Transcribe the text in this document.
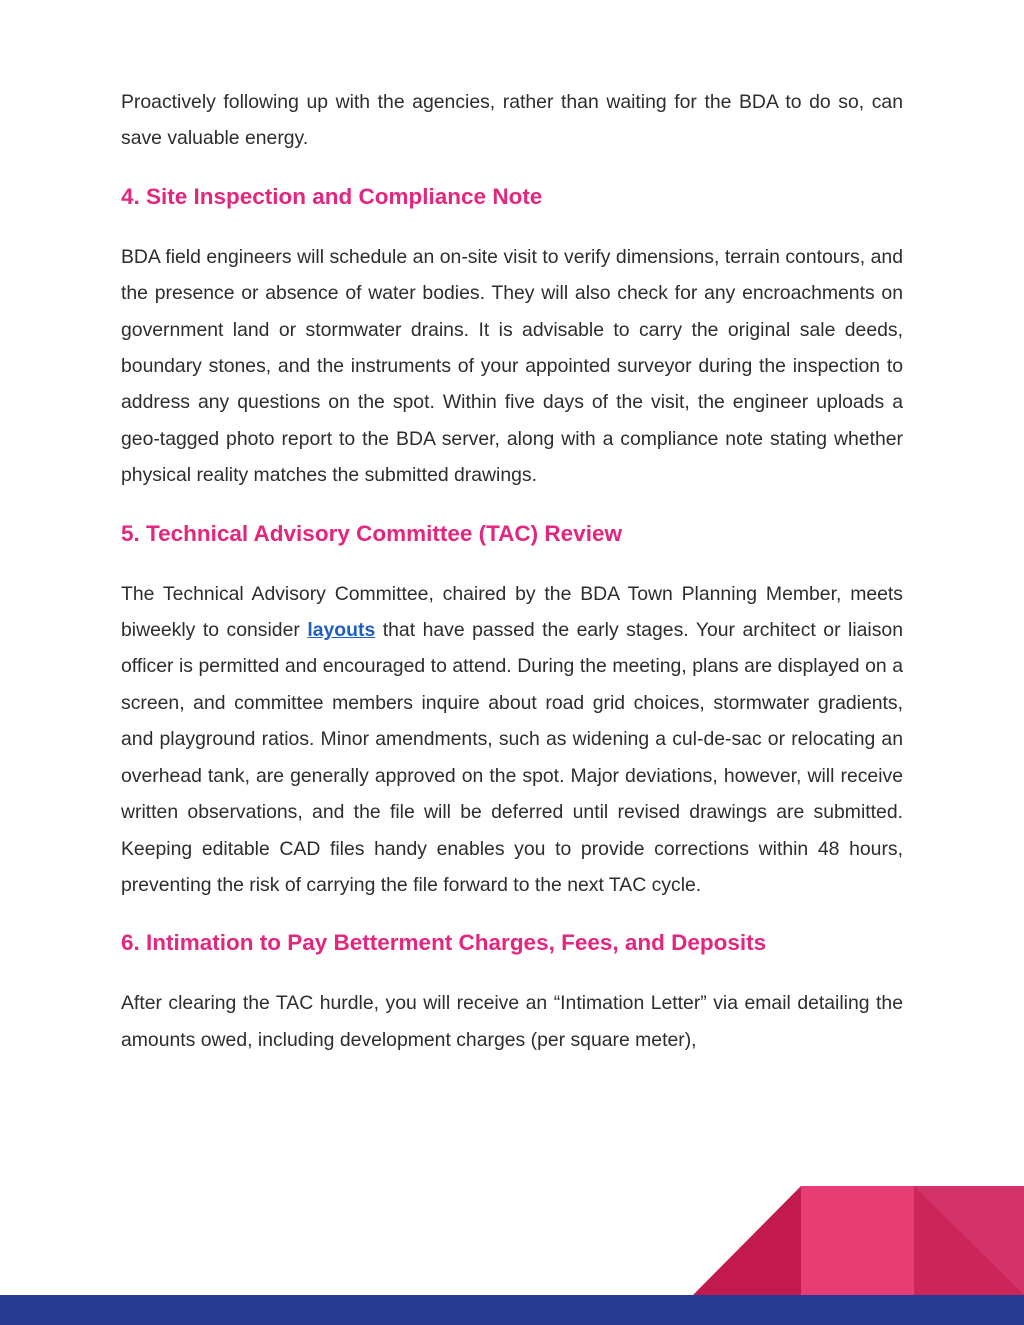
Proactively following up with the agencies, rather than waiting for the BDA to do so, can save valuable energy.

4. Site Inspection and Compliance Note

BDA field engineers will schedule an on-site visit to verify dimensions, terrain contours, and the presence or absence of water bodies. They will also check for any encroachments on government land or stormwater drains. It is advisable to carry the original sale deeds, boundary stones, and the instruments of your appointed surveyor during the inspection to address any questions on the spot. Within five days of the visit, the engineer uploads a geo-tagged photo report to the BDA server, along with a compliance note stating whether physical reality matches the submitted drawings.

5. Technical Advisory Committee (TAC) Review

The Technical Advisory Committee, chaired by the BDA Town Planning Member, meets biweekly to consider layouts that have passed the early stages. Your architect or liaison officer is permitted and encouraged to attend. During the meeting, plans are displayed on a screen, and committee members inquire about road grid choices, stormwater gradients, and playground ratios. Minor amendments, such as widening a cul-de-sac or relocating an overhead tank, are generally approved on the spot. Major deviations, however, will receive written observations, and the file will be deferred until revised drawings are submitted. Keeping editable CAD files handy enables you to provide corrections within 48 hours, preventing the risk of carrying the file forward to the next TAC cycle.

6. Intimation to Pay Betterment Charges, Fees, and Deposits

After clearing the TAC hurdle, you will receive an “Intimation Letter” via email detailing the amounts owed, including development charges (per square meter),
